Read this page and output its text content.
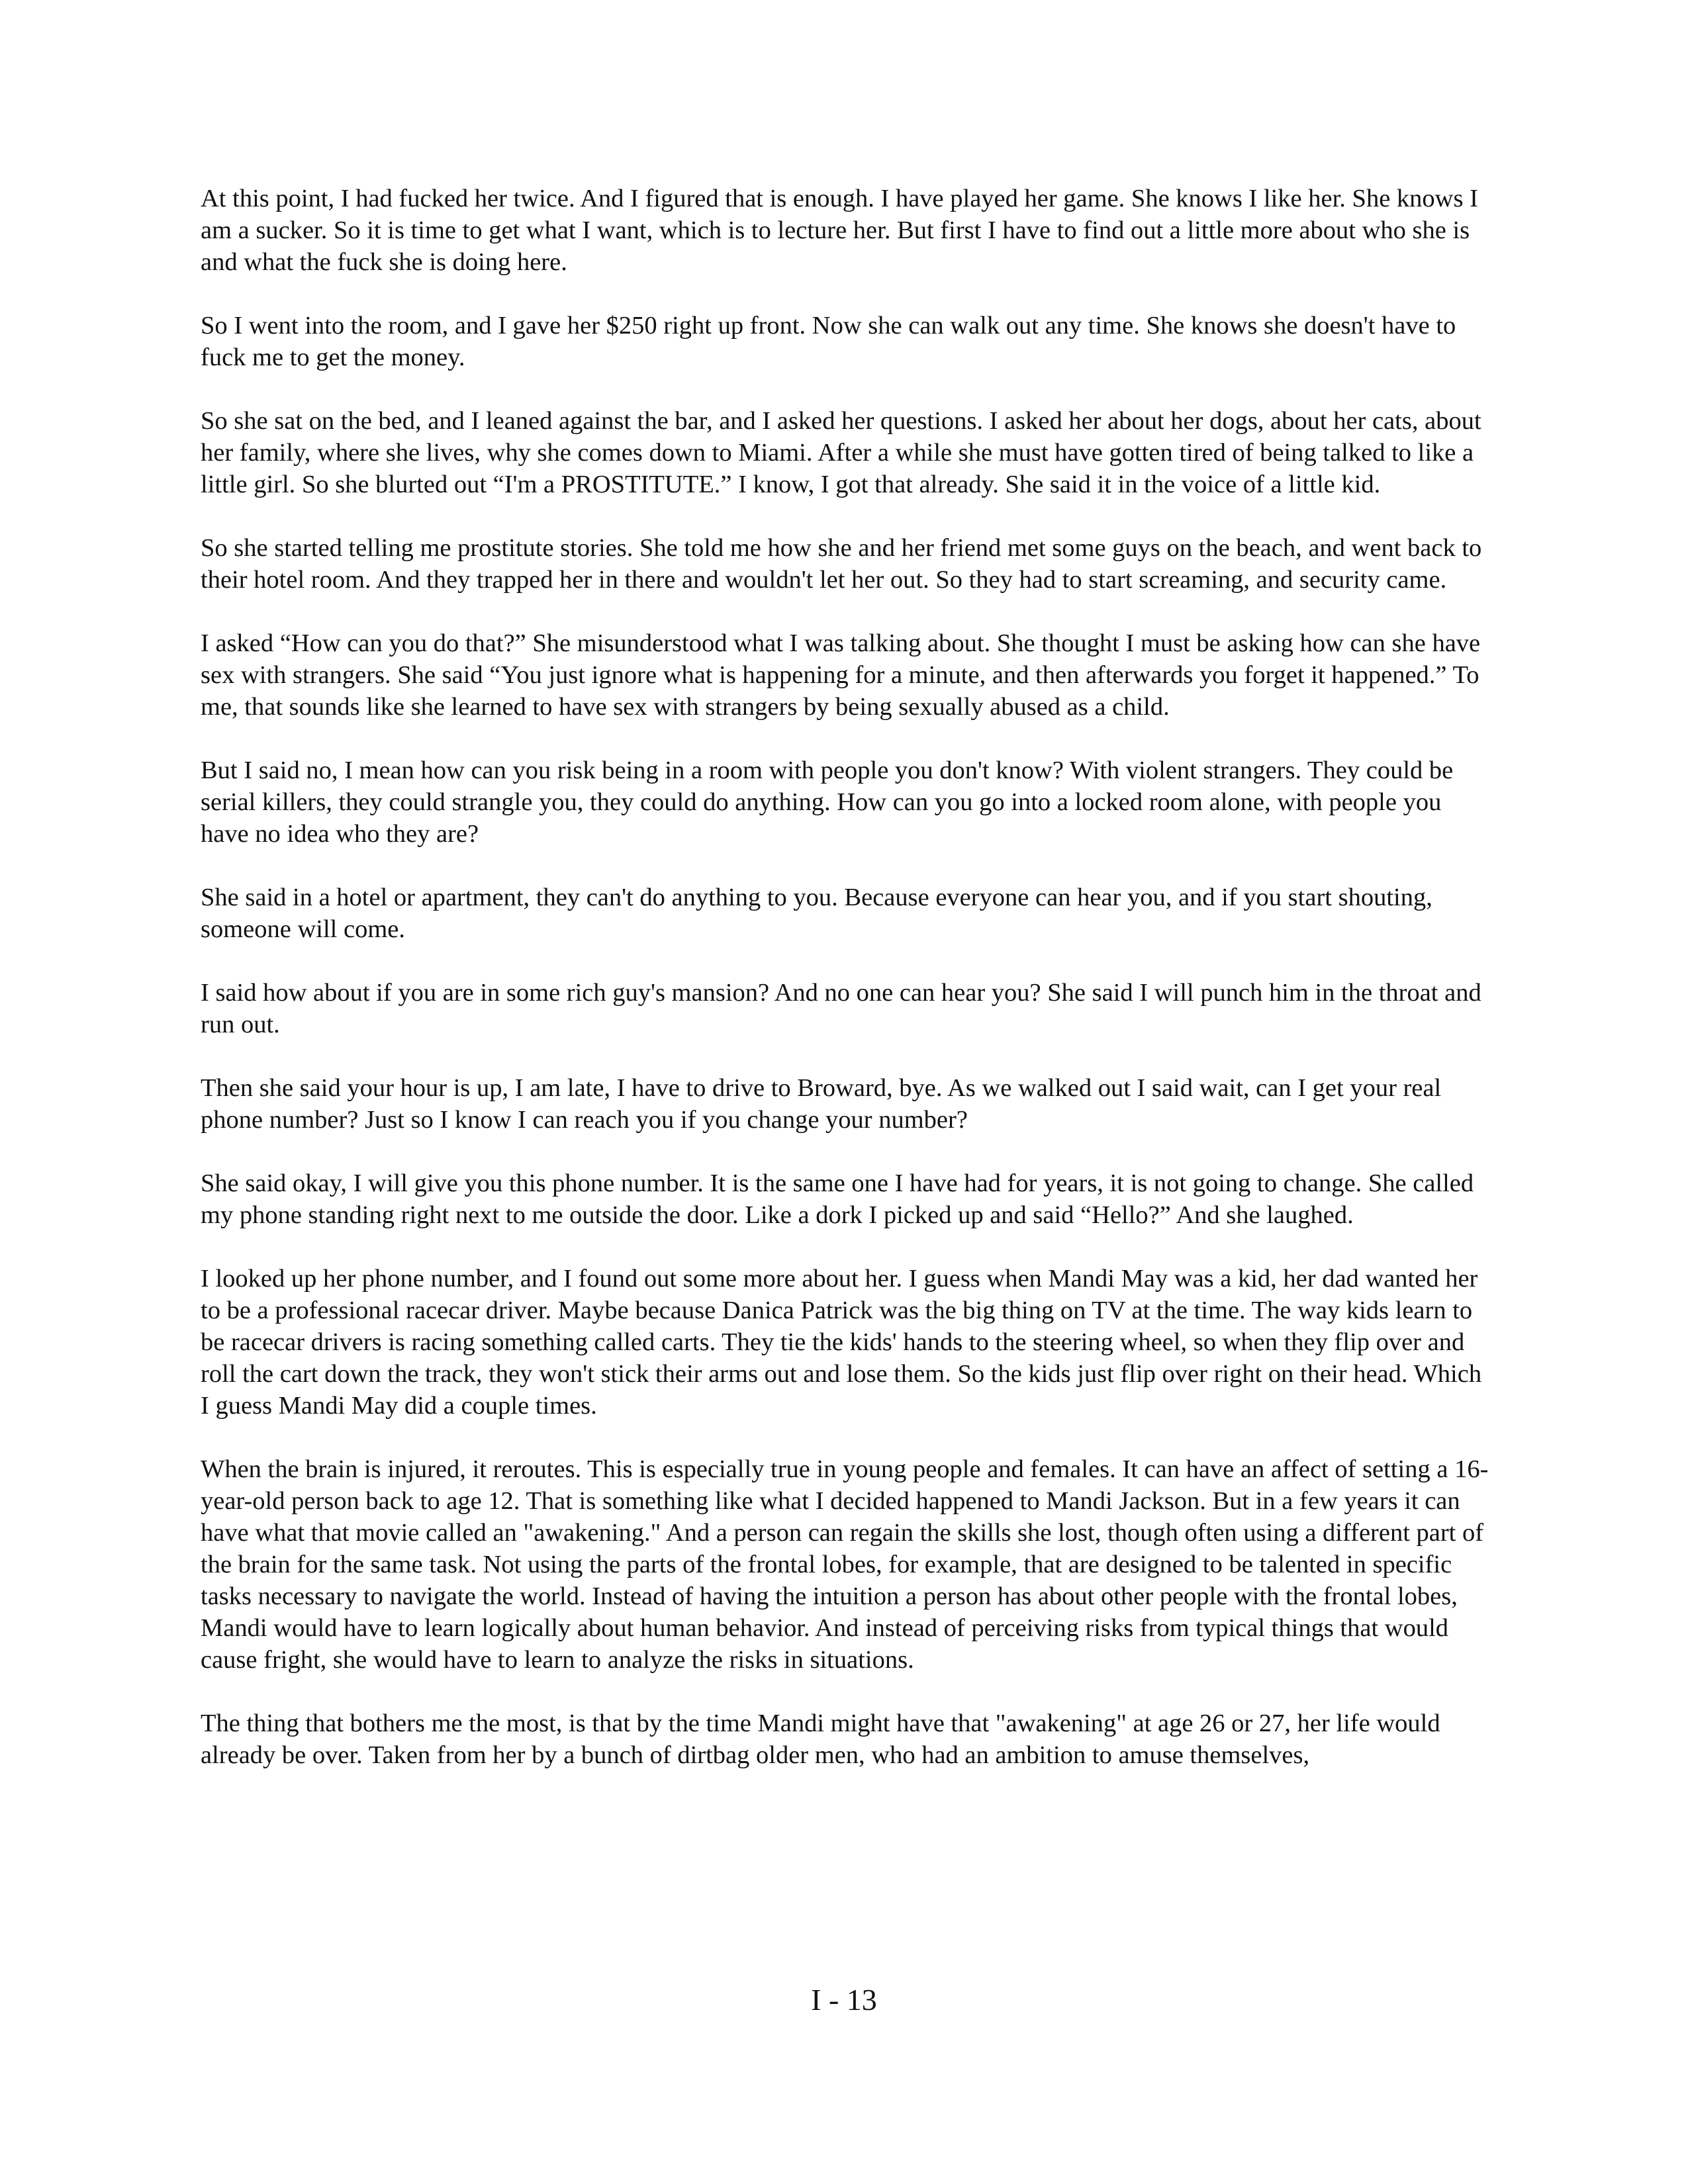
At this point, I had fucked her twice. And I figured that is enough. I have played her game. She knows I like her. She knows I am a sucker. So it is time to get what I want, which is to lecture her. But first I have to find out a little more about who she is and what the fuck she is doing here.

So I went into the room, and I gave her $250 right up front. Now she can walk out any time. She knows she doesn't have to fuck me to get the money.

So she sat on the bed, and I leaned against the bar, and I asked her questions. I asked her about her dogs, about her cats, about her family, where she lives, why she comes down to Miami. After a while she must have gotten tired of being talked to like a little girl. So she blurted out “I'm a PROSTITUTE.” I know, I got that already. She said it in the voice of a little kid.

So she started telling me prostitute stories. She told me how she and her friend met some guys on the beach, and went back to their hotel room. And they trapped her in there and wouldn't let her out. So they had to start screaming, and security came.

I asked “How can you do that?” She misunderstood what I was talking about. She thought I must be asking how can she have sex with strangers. She said “You just ignore what is happening for a minute, and then afterwards you forget it happened.” To me, that sounds like she learned to have sex with strangers by being sexually abused as a child.

But I said no, I mean how can you risk being in a room with people you don't know? With violent strangers. They could be serial killers, they could strangle you, they could do anything. How can you go into a locked room alone, with people you have no idea who they are?

She said in a hotel or apartment, they can't do anything to you. Because everyone can hear you, and if you start shouting, someone will come.

I said how about if you are in some rich guy's mansion? And no one can hear you? She said I will punch him in the throat and run out.

Then she said your hour is up, I am late, I have to drive to Broward, bye. As we walked out I said wait, can I get your real phone number? Just so I know I can reach you if you change your number?

She said okay, I will give you this phone number. It is the same one I have had for years, it is not going to change. She called my phone standing right next to me outside the door. Like a dork I picked up and said “Hello?” And she laughed.

I looked up her phone number, and I found out some more about her. I guess when Mandi May was a kid, her dad wanted her to be a professional racecar driver. Maybe because Danica Patrick was the big thing on TV at the time. The way kids learn to be racecar drivers is racing something called carts. They tie the kids' hands to the steering wheel, so when they flip over and roll the cart down the track, they won't stick their arms out and lose them. So the kids just flip over right on their head. Which I guess Mandi May did a couple times.

When the brain is injured, it reroutes. This is especially true in young people and females. It can have an affect of setting a 16-year-old person back to age 12. That is something like what I decided happened to Mandi Jackson. But in a few years it can have what that movie called an "awakening." And a person can regain the skills she lost, though often using a different part of the brain for the same task. Not using the parts of the frontal lobes, for example, that are designed to be talented in specific tasks necessary to navigate the world. Instead of having the intuition a person has about other people with the frontal lobes, Mandi would have to learn logically about human behavior. And instead of perceiving risks from typical things that would cause fright, she would have to learn to analyze the risks in situations.

The thing that bothers me the most, is that by the time Mandi might have that "awakening" at age 26 or 27, her life would already be over. Taken from her by a bunch of dirtbag older men, who had an ambition to amuse themselves,

I - 13
